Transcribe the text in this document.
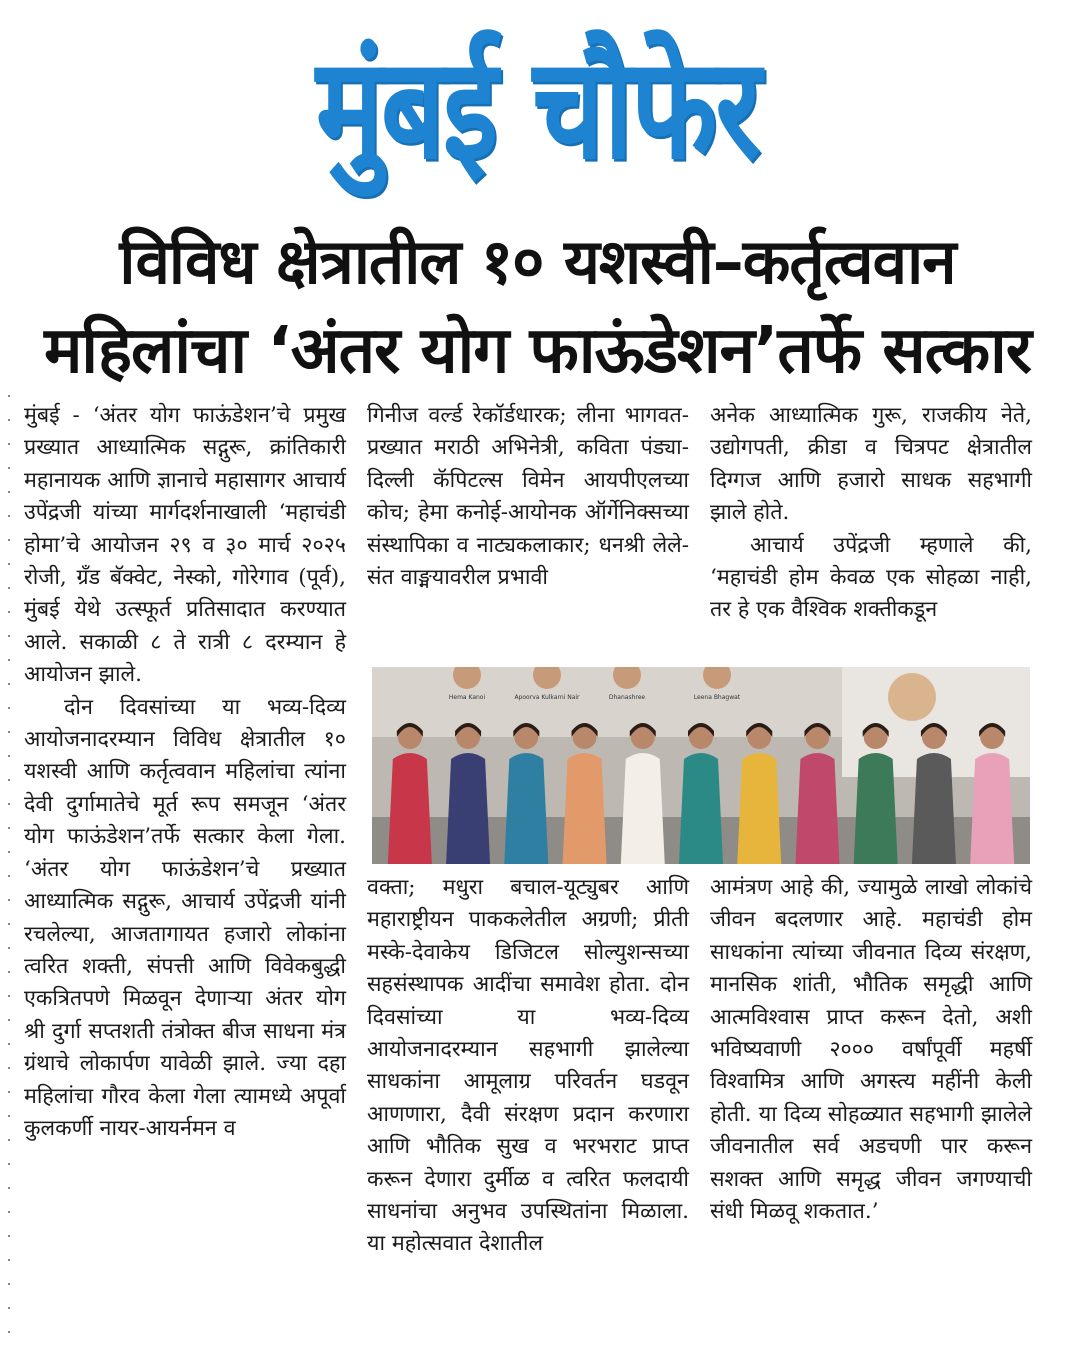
मुंबई चौफेर
विविध क्षेत्रातील १० यशस्वी–कर्तृत्ववान
महिलांचा ‘अंतर योग फाऊंडेशन’तर्फे सत्कार

मुंबई - ‘अंतर योग फाऊंडेशन’चे प्रमुख प्रख्यात आध्यात्मिक सद्गुरू, क्रांतिकारी महानायक आणि ज्ञानाचे महासागर आचार्य उपेंद्रजी यांच्या मार्गदर्शनाखाली ‘महाचंडी होमा’चे आयोजन २९ व ३० मार्च २०२५ रोजी, ग्रँड बॅक्वेट, नेस्को, गोरेगाव (पूर्व), मुंबई येथे उत्स्फूर्त प्रतिसादात करण्यात आले. सकाळी ८ ते रात्री ८ दरम्यान हे आयोजन झाले.

दोन दिवसांच्या या भव्य-दिव्य आयोजनादरम्यान विविध क्षेत्रातील १० यशस्वी आणि कर्तृत्ववान महिलांचा त्यांना देवी दुर्गामातेचे मूर्त रूप समजून ‘अंतर योग फाऊंडेशन’तर्फे सत्कार केला गेला. ‘अंतर योग फाऊंडेशन’चे प्रख्यात आध्यात्मिक सद्गुरू, आचार्य उपेंद्रजी यांनी रचलेल्या, आजतागायत हजारो लोकांना त्वरित शक्ती, संपत्ती आणि विवेकबुद्धी एकत्रितपणे मिळवून देणाऱ्या अंतर योग श्री दुर्गा सप्तशती तंत्रोक्त बीज साधना मंत्र ग्रंथाचे लोकार्पण यावेळी झाले. ज्या दहा महिलांचा गौरव केला गेला त्यामध्ये अपूर्वा कुलकर्णी नायर-आयर्नमन व

गिनीज वर्ल्ड रेकॉर्डधारक; लीना भागवत-प्रख्यात मराठी अभिनेत्री, कविता पंड्या-दिल्ली कॅपिटल्स विमेन आयपीएलच्या कोच; हेमा कनोई-आयोनक ऑर्गेनिक्सच्या संस्थापिका व नाट्यकलाकार; धनश्री लेले-संत वाङ्मयावरील प्रभावी

अनेक आध्यात्मिक गुरू, राजकीय नेते, उद्योगपती, क्रीडा व चित्रपट क्षेत्रातील दिग्गज आणि हजारो साधक सहभागी झाले होते.

आचार्य उपेंद्रजी म्हणाले की, ‘महाचंडी होम केवळ एक सोहळा नाही, तर हे एक वैश्विक शक्तीकडून

Hema Kanoi	Apoorva Kulkarni Nair	Dhanashree	Leena Bhagwat

वक्ता; मधुरा बचाल-यूट्युबर आणि महाराष्ट्रीयन पाककलेतील अग्रणी; प्रीती मस्के-देवाकेय डिजिटल सोल्युशन्सच्या सहसंस्थापक आदींचा समावेश होता. दोन दिवसांच्या या भव्य-दिव्य आयोजनादरम्यान सहभागी झालेल्या साधकांना आमूलाग्र परिवर्तन घडवून आणणारा, दैवी संरक्षण प्रदान करणारा आणि भौतिक सुख व भरभराट प्राप्त करून देणारा दुर्मीळ व त्वरित फलदायी साधनांचा अनुभव उपस्थितांना मिळाला. या महोत्सवात देशातील

आमंत्रण आहे की, ज्यामुळे लाखो लोकांचे जीवन बदलणार आहे. महाचंडी होम साधकांना त्यांच्या जीवनात दिव्य संरक्षण, मानसिक शांती, भौतिक समृद्धी आणि आत्मविश्वास प्राप्त करून देतो, अशी भविष्यवाणी २००० वर्षांपूर्वी महर्षी विश्वामित्र आणि अगस्त्य महींनी केली होती. या दिव्य सोहळ्यात सहभागी झालेले जीवनातील सर्व अडचणी पार करून सशक्त आणि समृद्ध जीवन जगण्याची संधी मिळवू शकतात.’
